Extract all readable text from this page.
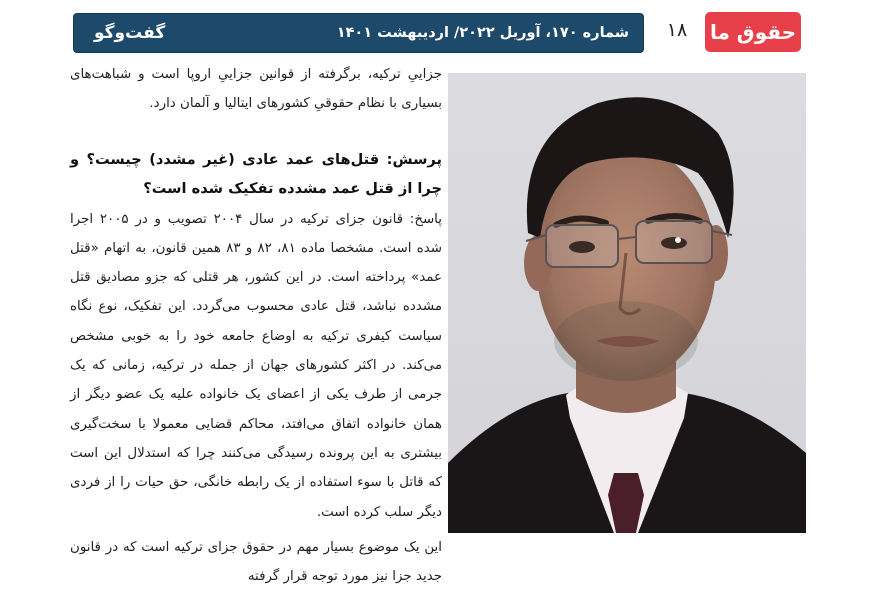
حقوق ما
۱۸
شماره ۱۷۰، آوریل ۲۰۲۲/ اردیبهشت ۱۴۰۱
گفت‌وگو

جزاییِ ترکیه، برگرفته از قوانین جزاییِ اروپا است و شباهت‌های بسیاری با نظام حقوقیِ کشورهای ایتالیا و آلمان دارد.

پرسش: قتل‌های عمد عادی (غیر مشدد) چیست؟ و چرا از قتل عمد مشدده تفکیک شده است؟

پاسخ: قانون جزای ترکیه در سال ۲۰۰۴ تصویب و در ۲۰۰۵ اجرا شده است. مشخصا ماده ۸۱، ۸۲ و ۸۳ همین قانون، به اتهام «قتل عمد» پرداخته است. در این کشور، هر قتلی که جزو مصادیق قتل مشدده نباشد، قتل عادی محسوب می‌گردد. این تفکیک، نوع نگاه سیاست کیفری ترکیه به اوضاع جامعه خود را به خوبی مشخص می‌کند. در اکثر کشورهای جهان از جمله در ترکیه، زمانی که یک جرمی از طرف یکی از اعضای یک خانواده علیه یک عضو دیگر از همان خانواده اتفاق می‌افتد، محاکم قضایی معمولا با سخت‌گیری بیشتری به این پرونده رسیدگی می‌کنند چرا که استدلال این است که قاتل با سوء استفاده از یک رابطه خانگی، حق حیات را از فردی دیگر سلب کرده است.

این یک موضوع بسیار مهم در حقوق جزای ترکیه است که در قانون جدید جزا نیز مورد توجه قرار گرفته
